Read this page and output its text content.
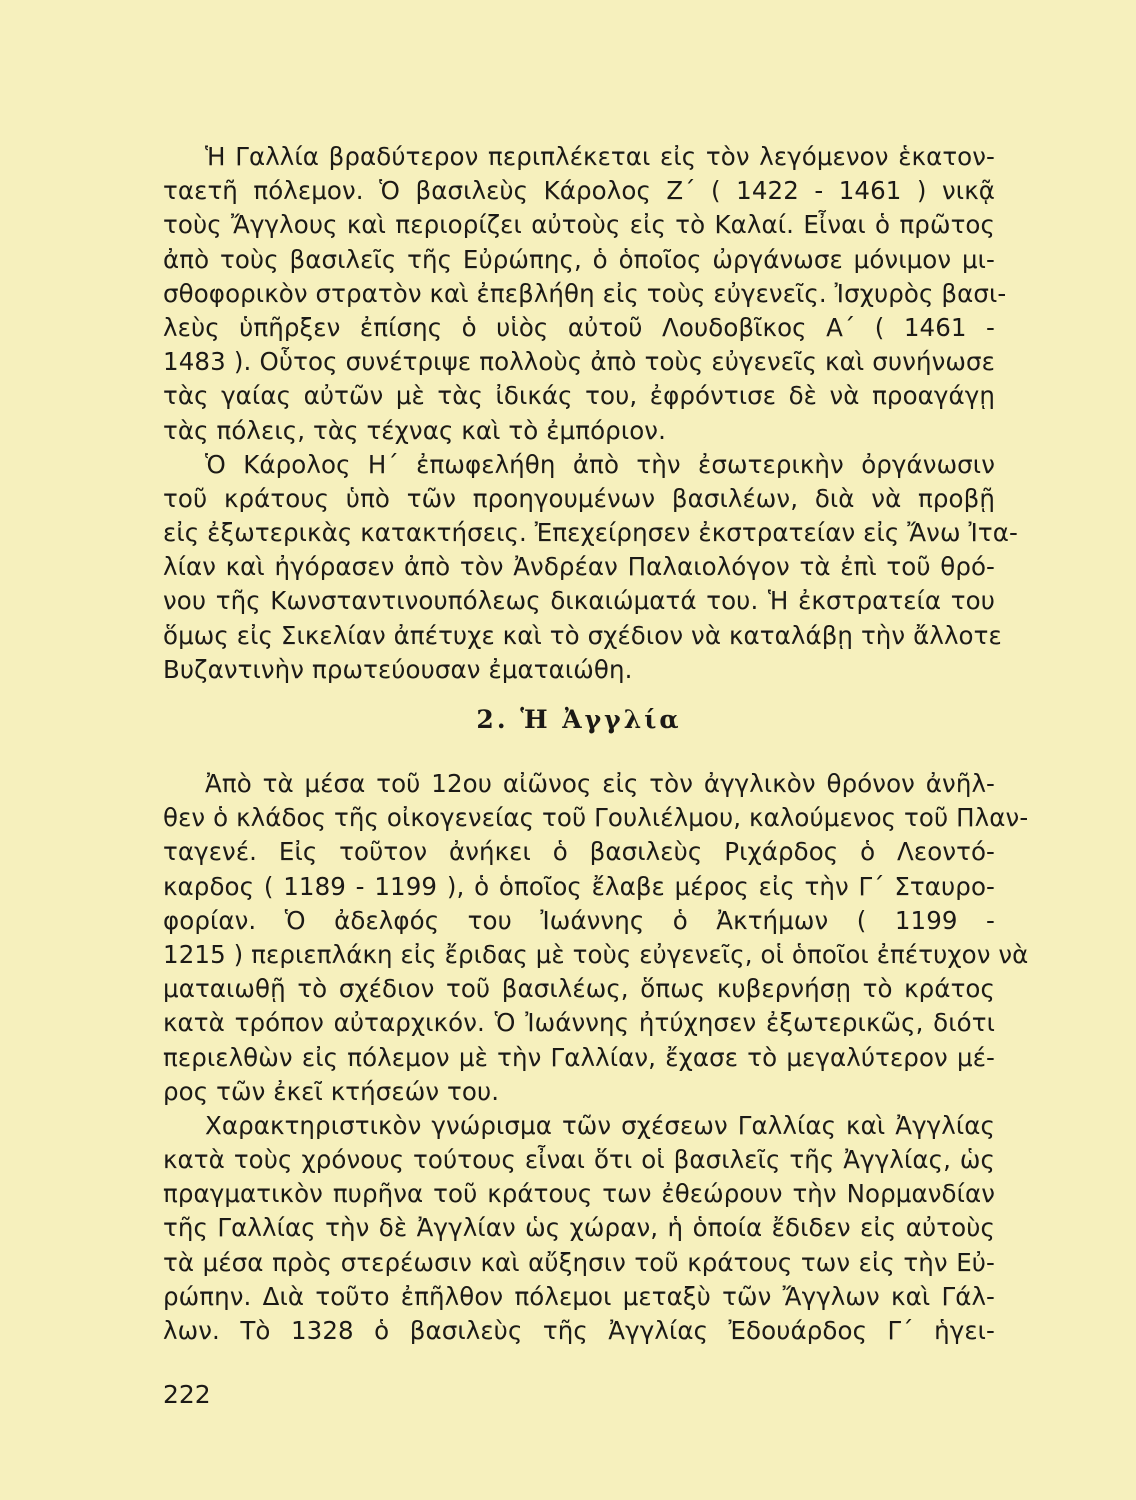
Ἡ Γαλλία βραδύτερον περιπλέκεται εἰς τὸν λεγόμενον ἑκατον-
ταετῆ πόλεμον. Ὁ βασιλεὺς Κάρολος Ζ΄ ( 1422 - 1461 ) νικᾷ
τοὺς Ἄγγλους καὶ περιορίζει αὐτοὺς εἰς τὸ Καλαί. Εἶναι ὁ πρῶτος
ἀπὸ τοὺς βασιλεῖς τῆς Εὐρώπης, ὁ ὁποῖος ὠργάνωσε μόνιμον μι-
σθοφορικὸν στρατὸν καὶ ἐπεβλήθη εἰς τοὺς εὐγενεῖς. Ἰσχυρὸς βασι-
λεὺς ὑπῆρξεν ἐπίσης ὁ υἱὸς αὐτοῦ Λουδοβῖκος Α΄ ( 1461 -
1483 ). Οὗτος συνέτριψε πολλοὺς ἀπὸ τοὺς εὐγενεῖς καὶ συνήνωσε
τὰς γαίας αὐτῶν μὲ τὰς ἰδικάς του, ἐφρόντισε δὲ νὰ προαγάγῃ
τὰς πόλεις, τὰς τέχνας καὶ τὸ ἐμπόριον.
Ὁ Κάρολος Η΄ ἐπωφελήθη ἀπὸ τὴν ἐσωτερικὴν ὀργάνωσιν
τοῦ κράτους ὑπὸ τῶν προηγουμένων βασιλέων, διὰ νὰ προβῇ
εἰς ἐξωτερικὰς κατακτήσεις. Ἐπεχείρησεν ἐκστρατείαν εἰς Ἄνω Ἰτα-
λίαν καὶ ἠγόρασεν ἀπὸ τὸν Ἀνδρέαν Παλαιολόγον τὰ ἐπὶ τοῦ θρό-
νου τῆς Κωνσταντινουπόλεως δικαιώματά του. Ἡ ἐκστρατεία του
ὅμως εἰς Σικελίαν ἀπέτυχε καὶ τὸ σχέδιον νὰ καταλάβῃ τὴν ἄλλοτε
Βυζαντινὴν πρωτεύουσαν ἐματαιώθη.
2. Ἡ Ἀγγλία
Ἀπὸ τὰ μέσα τοῦ 12ου αἰῶνος εἰς τὸν ἀγγλικὸν θρόνον ἀνῆλ-
θεν ὁ κλάδος τῆς οἰκογενείας τοῦ Γουλιέλμου, καλούμενος τοῦ Πλαν-
ταγενέ. Εἰς τοῦτον ἀνήκει ὁ βασιλεὺς Ριχάρδος ὁ Λεοντό-
καρδος ( 1189 - 1199 ), ὁ ὁποῖος ἔλαβε μέρος εἰς τὴν Γ΄ Σταυρο-
φορίαν. Ὁ ἀδελφός του Ἰωάννης ὁ Ἀκτήμων ( 1199 -
1215 ) περιεπλάκη εἰς ἔριδας μὲ τοὺς εὐγενεῖς, οἱ ὁποῖοι ἐπέτυχον νὰ
ματαιωθῇ τὸ σχέδιον τοῦ βασιλέως, ὅπως κυβερνήσῃ τὸ κράτος
κατὰ τρόπον αὐταρχικόν. Ὁ Ἰωάννης ἠτύχησεν ἐξωτερικῶς, διότι
περιελθὼν εἰς πόλεμον μὲ τὴν Γαλλίαν, ἔχασε τὸ μεγαλύτερον μέ-
ρος τῶν ἐκεῖ κτήσεών του.
Χαρακτηριστικὸν γνώρισμα τῶν σχέσεων Γαλλίας καὶ Ἀγγλίας
κατὰ τοὺς χρόνους τούτους εἶναι ὅτι οἱ βασιλεῖς τῆς Ἀγγλίας, ὡς
πραγματικὸν πυρῆνα τοῦ κράτους των ἐθεώρουν τὴν Νορμανδίαν
τῆς Γαλλίας τὴν δὲ Ἀγγλίαν ὡς χώραν, ἡ ὁποία ἔδιδεν εἰς αὐτοὺς
τὰ μέσα πρὸς στερέωσιν καὶ αὔξησιν τοῦ κράτους των εἰς τὴν Εὐ-
ρώπην. Διὰ τοῦτο ἐπῆλθον πόλεμοι μεταξὺ τῶν Ἄγγλων καὶ Γάλ-
λων. Τὸ 1328 ὁ βασιλεὺς τῆς Ἀγγλίας Ἐδουάρδος Γ΄ ἡγει-
222
